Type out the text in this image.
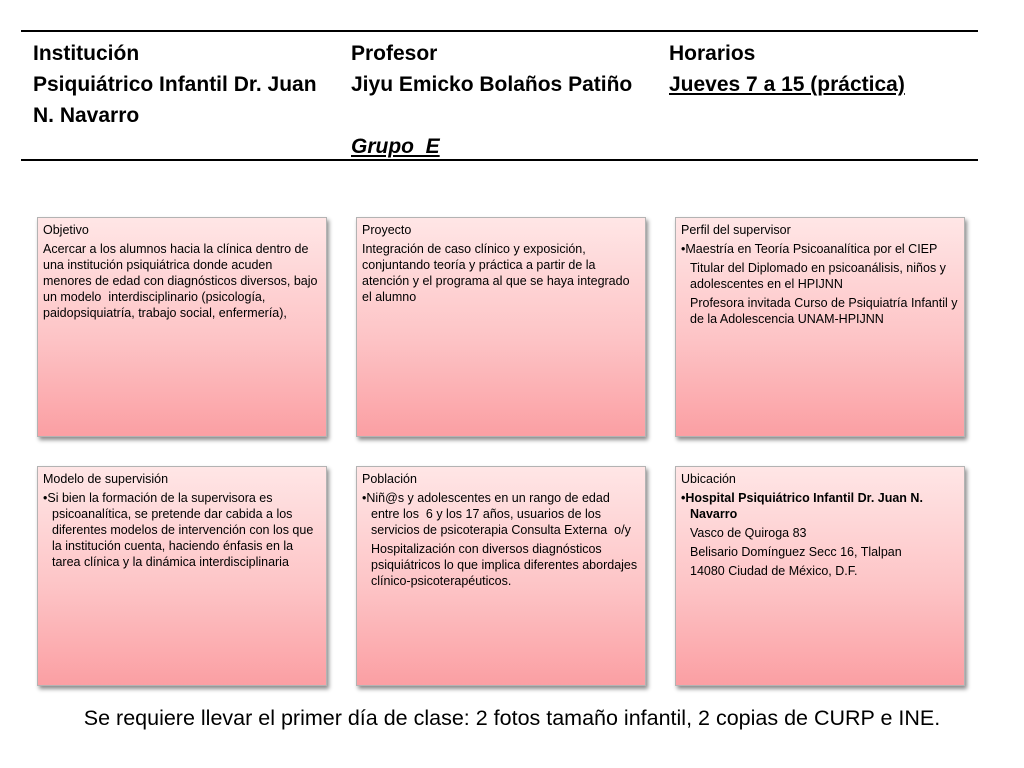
Institución
Psiquiátrico Infantil Dr. Juan N. Navarro
Profesor
Jiyu Emicko Bolaños Patiño
Grupo  E
Horarios
Jueves 7 a 15 (práctica)
Objetivo
Acercar a los alumnos hacia la clínica dentro de una institución psiquiátrica donde acuden menores de edad con diagnósticos diversos, bajo un modelo  interdisciplinario (psicología, paidopsiquiatría, trabajo social, enfermería),
Proyecto
Integración de caso clínico y exposición, conjuntando teoría y práctica a partir de la atención y el programa al que se haya integrado el alumno
Perfil del supervisor
•Maestría en Teoría Psicoanalítica por el CIEP
Titular del Diplomado en psicoanálisis, niños y adolescentes en el HPIJNN
Profesora invitada Curso de Psiquiatría Infantil y de la Adolescencia UNAM-HPIJNN
Modelo de supervisión
•Si bien la formación de la supervisora es psicoanalítica, se pretende dar cabida a los diferentes modelos de intervención con los que la institución cuenta, haciendo énfasis en la  tarea clínica y la dinámica interdisciplinaria
Población
•Niñ@s y adolescentes en un rango de edad entre los  6 y los 17 años, usuarios de los servicios de psicoterapia Consulta Externa  o/y
Hospitalización con diversos diagnósticos psiquiátricos lo que implica diferentes abordajes clínico-psicoterapéuticos.
Ubicación
•Hospital Psiquiátrico Infantil Dr. Juan N. Navarro
Vasco de Quiroga 83
Belisario Domínguez Secc 16, Tlalpan
14080 Ciudad de México, D.F.
Se requiere llevar el primer día de clase: 2 fotos tamaño infantil, 2 copias de CURP e INE.
